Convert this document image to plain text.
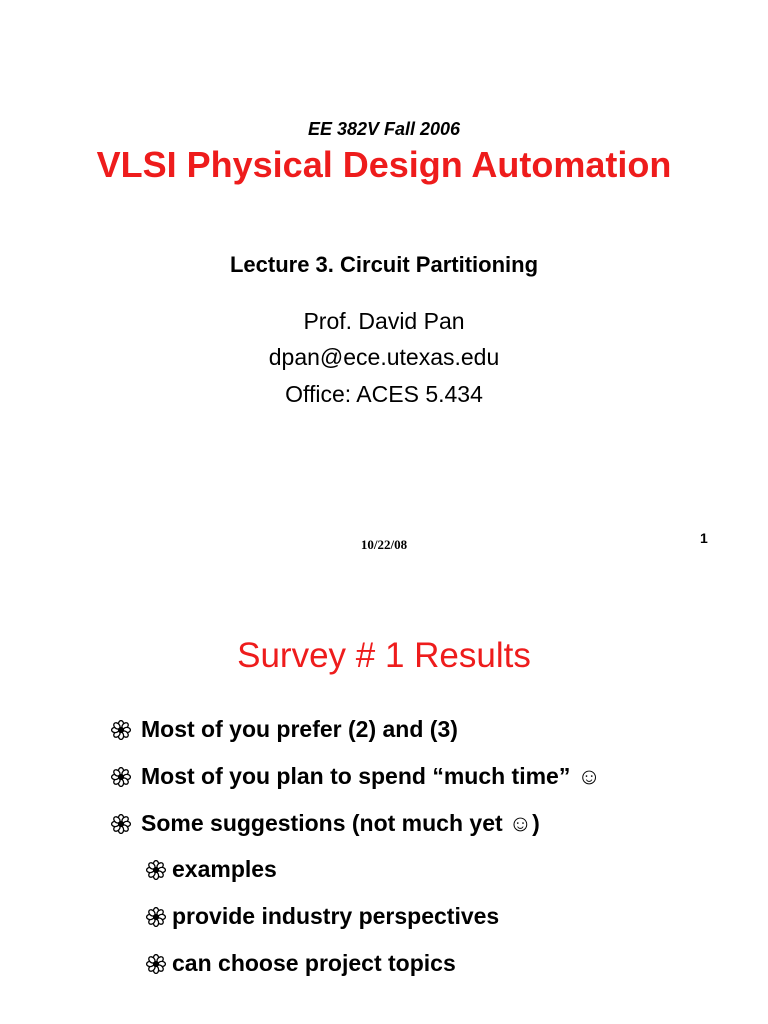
EE 382V Fall 2006
VLSI Physical Design Automation
Lecture 3. Circuit Partitioning
Prof. David Pan
dpan@ece.utexas.edu
Office: ACES 5.434
10/22/08	1
Survey # 1 Results
Most of you prefer (2) and (3)
Most of you plan to spend “much time” ☺
Some suggestions (not much yet ☺ )
examples
provide industry perspectives
can choose project topics
